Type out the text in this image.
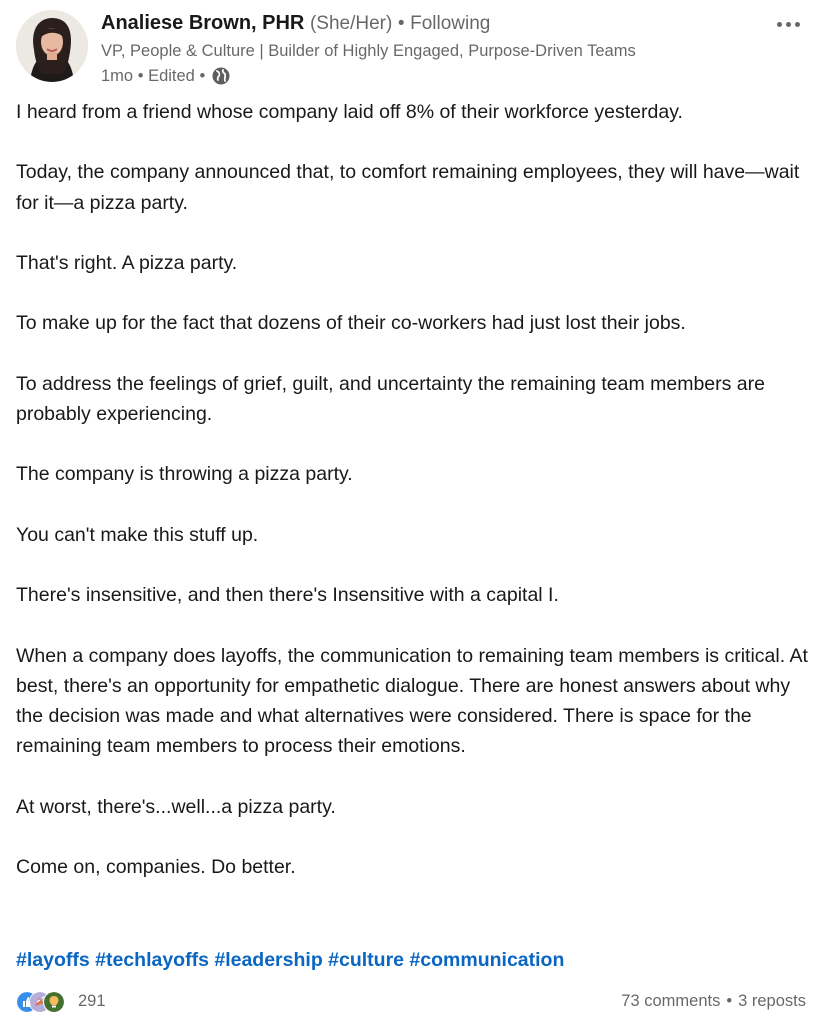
Analiese Brown, PHR (She/Her) • Following
VP, People & Culture | Builder of Highly Engaged, Purpose-Driven Teams
1mo
•
Edited
•

I heard from a friend whose company laid off 8% of their workforce yesterday.

Today, the company announced that, to comfort remaining employees, they will have—wait for it—a pizza party.

That's right. A pizza party.

To make up for the fact that dozens of their co-workers had just lost their jobs.

To address the feelings of grief, guilt, and uncertainty the remaining team members are probably experiencing.

The company is throwing a pizza party.

You can't make this stuff up.

There's insensitive, and then there's Insensitive with a capital I.

When a company does layoffs, the communication to remaining team members is critical. At best, there's an opportunity for empathetic dialogue. There are honest answers about why the decision was made and what alternatives were considered. There is space for the remaining team members to process their emotions.

At worst, there's...well...a pizza party.

Come on, companies. Do better.

#layoffs #techlayoffs #leadership #culture #communication
291	73 comments • 3 reposts
